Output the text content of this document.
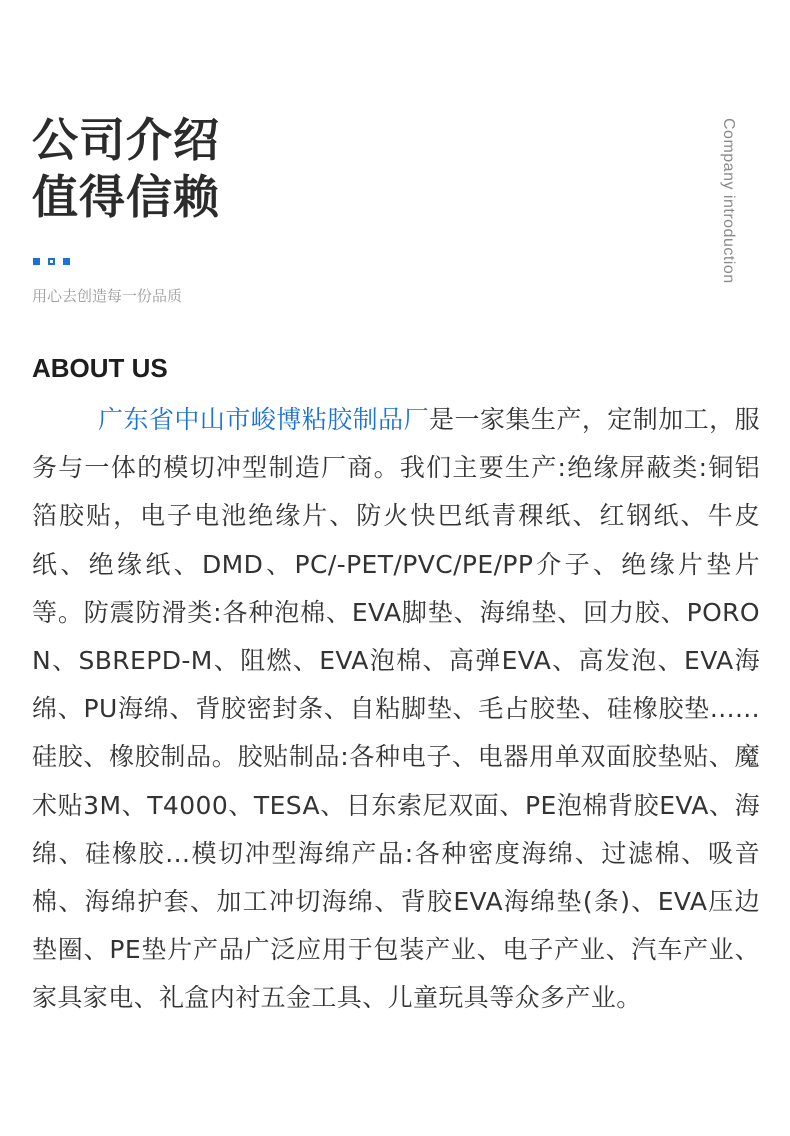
公司介绍
值得信赖	Company introduction
用心去创造每一份品质
ABOUT US
广东省中山市峻博粘胶制品厂是一家集生产，定制加工，服务与一体的模切冲型制造厂商。我们主要生产:绝缘屏蔽类:铜铝箔胶贴，电子电池绝缘片、防火快巴纸青稞纸、红钢纸、牛皮纸、绝缘纸、DMD、PC/-PET/PVC/PE/PP介子、绝缘片垫片等。防震防滑类:各种泡棉、EVA脚垫、海绵垫、回力胶、PORON、SBREPD-M、阻燃、EVA泡棉、高弹EVA、高发泡、EVA海绵、PU海绵、背胶密封条、自粘脚垫、毛占胶垫、硅橡胶垫......硅胶、橡胶制品。胶贴制品:各种电子、电器用单双面胶垫贴、魔术贴3M、T4000、TESA、日东索尼双面、PE泡棉背胶EVA、海绵、硅橡胶...模切冲型海绵产品:各种密度海绵、过滤棉、吸音棉、海绵护套、加工冲切海绵、背胶EVA海绵垫(条)、EVA压边垫圈、PE垫片产品广泛应用于包装产业、电子产业、汽车产业、家具家电、礼盒内衬五金工具、儿童玩具等众多产业。
